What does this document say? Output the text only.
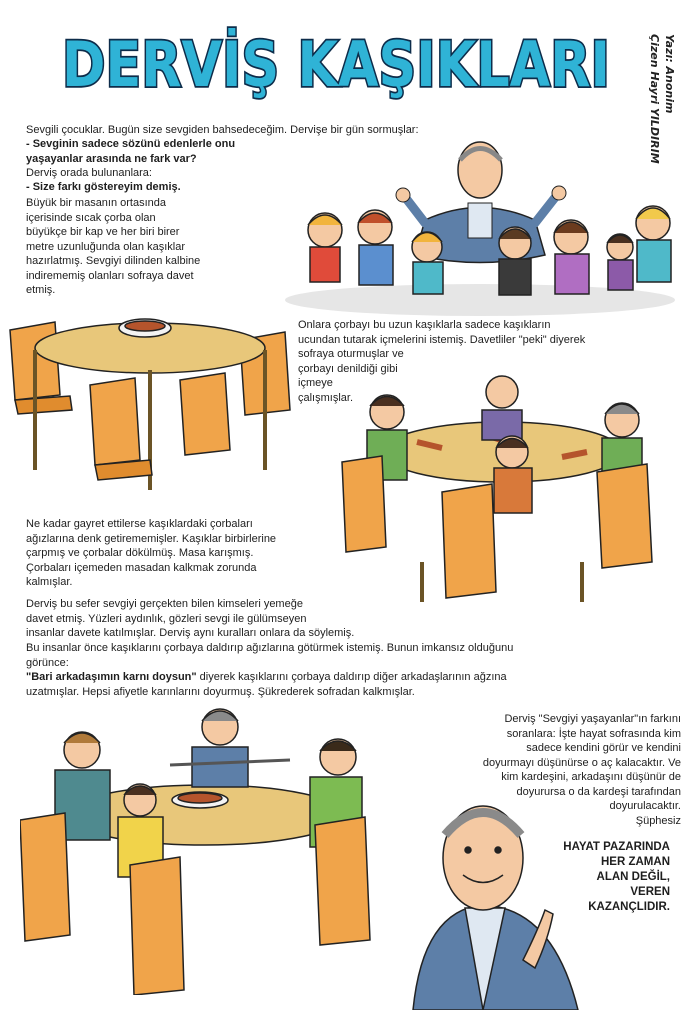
DERVİŞ KAŞIKLARI	Çizen Hayri YILDIRIM Yazı: Anonim

Sevgili çocuklar. Bugün size sevgiden bahsedeceğim. Dervişe bir gün sormuşlar:

- Sevginin sadece sözünü edenlerle onu
yaşayanlar arasında ne fark var?

Derviş orada bulunanlara:

- Size farkı göstereyim demiş.

Büyük bir masanın ortasında
içerisinde sıcak çorba olan
büyükçe bir kap ve her biri birer
metre uzunluğunda olan kaşıklar
hazırlatmış. Sevgiyi dilinden kalbine
indirememiş olanları sofraya davet
etmiş.

Onlara çorbayı bu uzun kaşıklarla sadece kaşıkların
ucundan tutarak içmelerini istemiş. Davetliler "peki" diyerek
sofraya oturmuşlar ve
çorbayı denildiği gibi
içmeye
çalışmışlar.

Ne kadar gayret ettilerse kaşıklardaki çorbaları
ağızlarına denk getirememişler. Kaşıklar birbirlerine
çarpmış ve çorbalar dökülmüş. Masa karışmış.
Çorbaları içemeden masadan kalkmak zorunda
kalmışlar.

Derviş bu sefer sevgiyi gerçekten bilen kimseleri yemeğe
davet etmiş. Yüzleri aydınlık, gözleri sevgi ile gülümseyen
insanlar davete katılmışlar. Derviş aynı kuralları onlara da söylemiş.

Bu insanlar önce kaşıklarını çorbaya daldırıp ağızlarına götürmek istemiş. Bunun imkansız olduğunu
görünce:

"Bari arkadaşımın karnı doysun" diyerek kaşıklarını çorbaya daldırıp diğer arkadaşlarının ağzına
uzatmışlar. Hepsi afiyetle karınlarını doyurmuş. Şükrederek sofradan kalkmışlar.

Derviş "Sevgiyi yaşayanlar"ın farkını
soranlara: İşte hayat sofrasında kim
sadece kendini görür ve kendini
doyurmayı düşünürse o aç kalacaktır. Ve
kim kardeşini, arkadaşını düşünür de
doyurursa o da kardeşi tarafından
doyurulacaktır.
Şüphesiz

HAYAT PAZARINDA
HER ZAMAN
ALAN DEĞİL,
VEREN
KAZANÇLIDIR.
